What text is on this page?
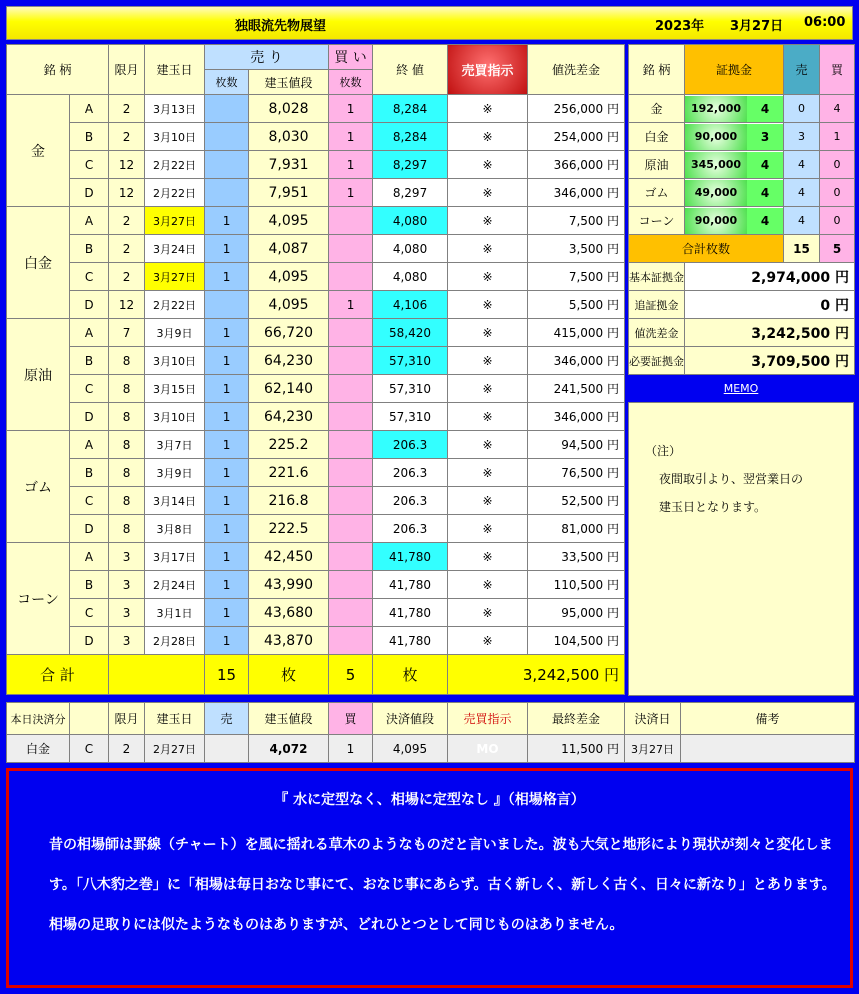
独眼流先物展望	2023年 3月27日 06:00
銘 柄		限月	建玉日	売 り		買 い	終 値	売買指示	値洗差金
				枚数	建玉値段	枚数			
金	A	2	3月13日		8,028	1	8,284	※	256,000 円
	B	2	3月10日		8,030	1	8,284	※	254,000 円
	C	12	2月22日		7,931	1	8,297	※	366,000 円
	D	12	2月22日		7,951	1	8,297	※	346,000 円
白金	A	2	3月27日	1	4,095		4,080	※	7,500 円
	B	2	3月24日	1	4,087		4,080	※	3,500 円
	C	2	3月27日	1	4,095		4,080	※	7,500 円
	D	12	2月22日		4,095	1	4,106	※	5,500 円
原油	A	7	3月9日	1	66,720		58,420	※	415,000 円
	B	8	3月10日	1	64,230		57,310	※	346,000 円
	C	8	3月15日	1	62,140		57,310	※	241,500 円
	D	8	3月10日	1	64,230		57,310	※	346,000 円
ゴム	A	8	3月7日	1	225.2		206.3	※	94,500 円
	B	8	3月9日	1	221.6		206.3	※	76,500 円
	C	8	3月14日	1	216.8		206.3	※	52,500 円
	D	8	3月8日	1	222.5		206.3	※	81,000 円
コーン	A	3	3月17日	1	42,450		41,780	※	33,500 円
	B	3	2月24日	1	43,990		41,780	※	110,500 円
	C	3	3月1日	1	43,680		41,780	※	95,000 円
	D	3	2月28日	1	43,870		41,780	※	104,500 円
合 計				15	枚	5	枚	3,242,500 円	
銘 柄	証拠金	売	買
金	192,000 4	0	4
白金	90,000 3	3	1
原油	345,000 4	4	0
ゴム	49,000 4	4	0
コーン	90,000 4	4	0
合計枚数		15	5
基本証拠金	2,974,000 円		
追証拠金	0 円		
値洗差金	3,242,500 円		
必要証拠金	3,709,500 円		
MEMO
（注）
夜間取引より、翌営業日の
建玉日となります。
本日決済分		限月	建玉日	売	建玉値段	買	決済値段	売買指示	最終差金	決済日	備考
白金	C	2	2月27日		4,072	1	4,095	MO	11,500 円	3月27日	
『 水に定型なく、相場に定型なし 』（相場格言）
昔の相場師は罫線（チャート）を風に揺れる草木のようなものだと言いました。波も大気と地形により現状が刻々と変化します。「八木豹之巻」に「相場は毎日おなじ事にて、おなじ事にあらず。古く新しく、新しく古く、日々に新なり」とあります。相場の足取りには似たようなものはありますが、どれひとつとして同じものはありません。
